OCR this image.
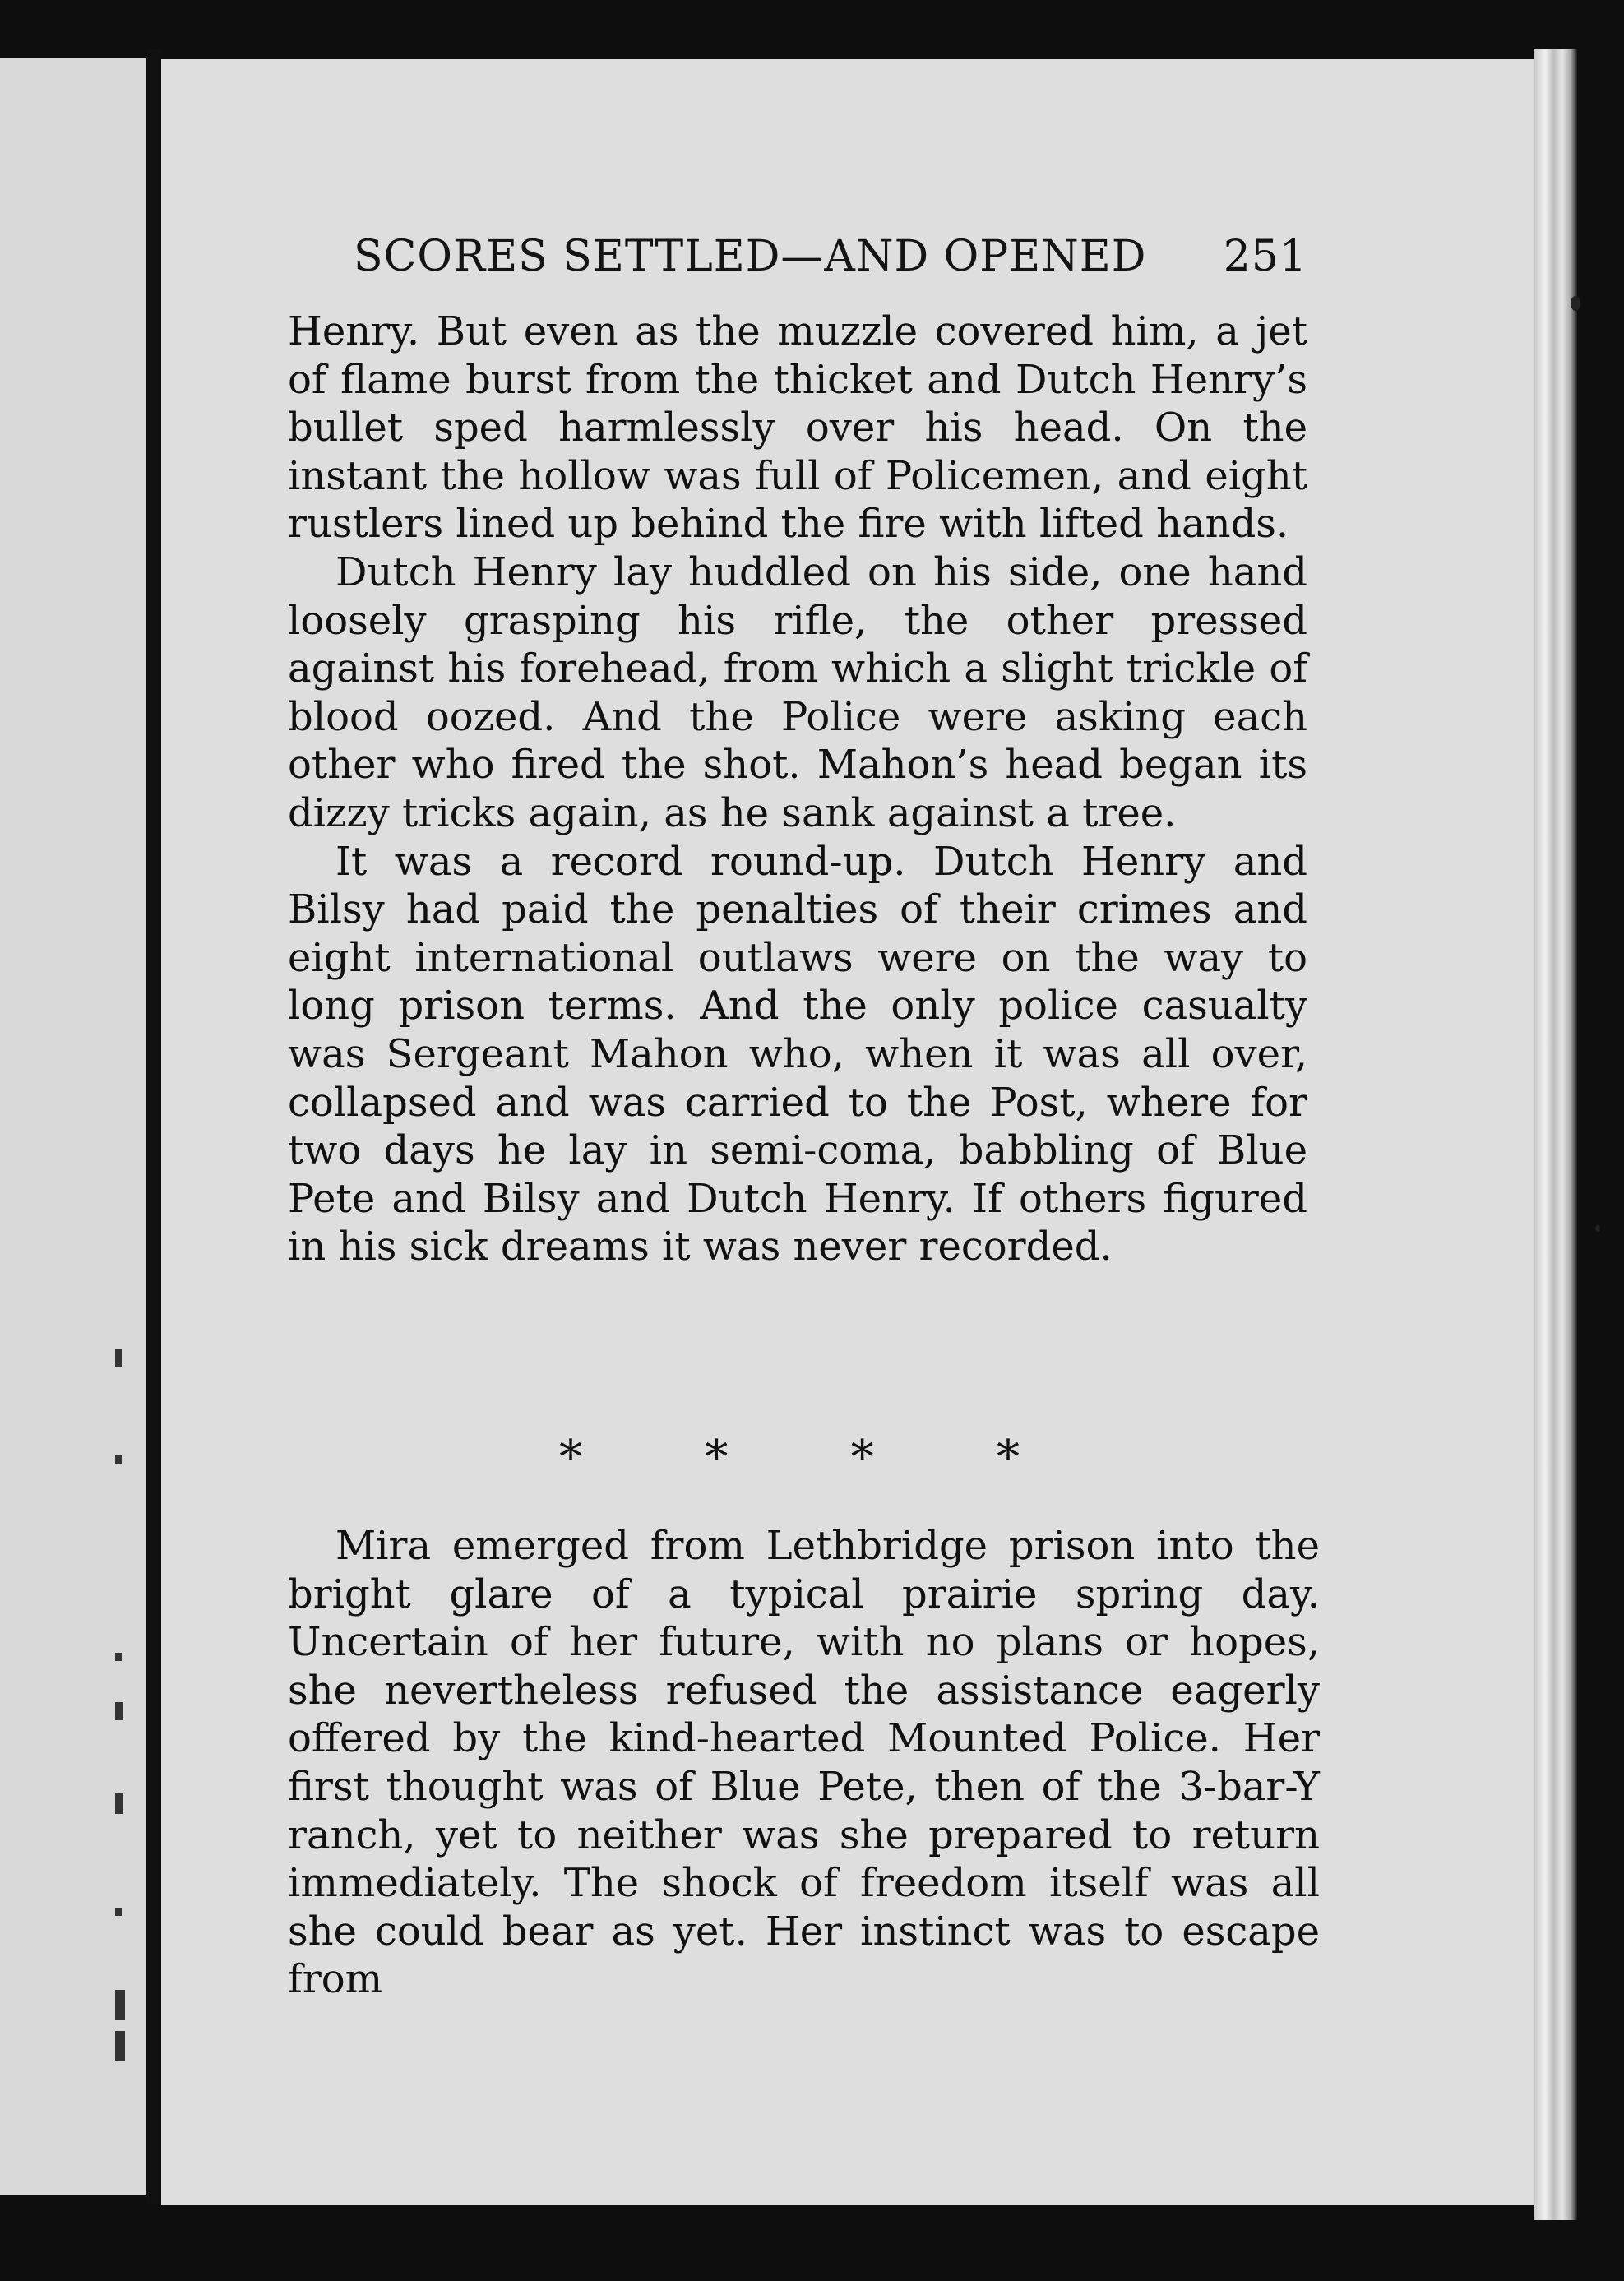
SCORES SETTLED—AND OPENED 251

Henry. But even as the muzzle covered him, a jet of flame burst from the thicket and Dutch Henry’s bullet sped harmlessly over his head. On the instant the hollow was full of Policemen, and eight rustlers lined up behind the fire with lifted hands.

Dutch Henry lay huddled on his side, one hand loosely grasping his rifle, the other pressed against his forehead, from which a slight trickle of blood oozed. And the Police were asking each other who fired the shot. Mahon’s head began its dizzy tricks again, as he sank against a tree.

It was a record round-up. Dutch Henry and Bilsy had paid the penalties of their crimes and eight international outlaws were on the way to long prison terms. And the only police casualty was Sergeant Mahon who, when it was all over, collapsed and was carried to the Post, where for two days he lay in semi-coma, babbling of Blue Pete and Bilsy and Dutch Henry. If others figured in his sick dreams it was never recorded.

*	*	*	*

Mira emerged from Lethbridge prison into the bright glare of a typical prairie spring day. Uncertain of her future, with no plans or hopes, she nevertheless refused the assistance eagerly offered by the kind-hearted Mounted Police. Her first thought was of Blue Pete, then of the 3-bar-Y ranch, yet to neither was she prepared to return immediately. The shock of freedom itself was all she could bear as yet. Her instinct was to escape from
